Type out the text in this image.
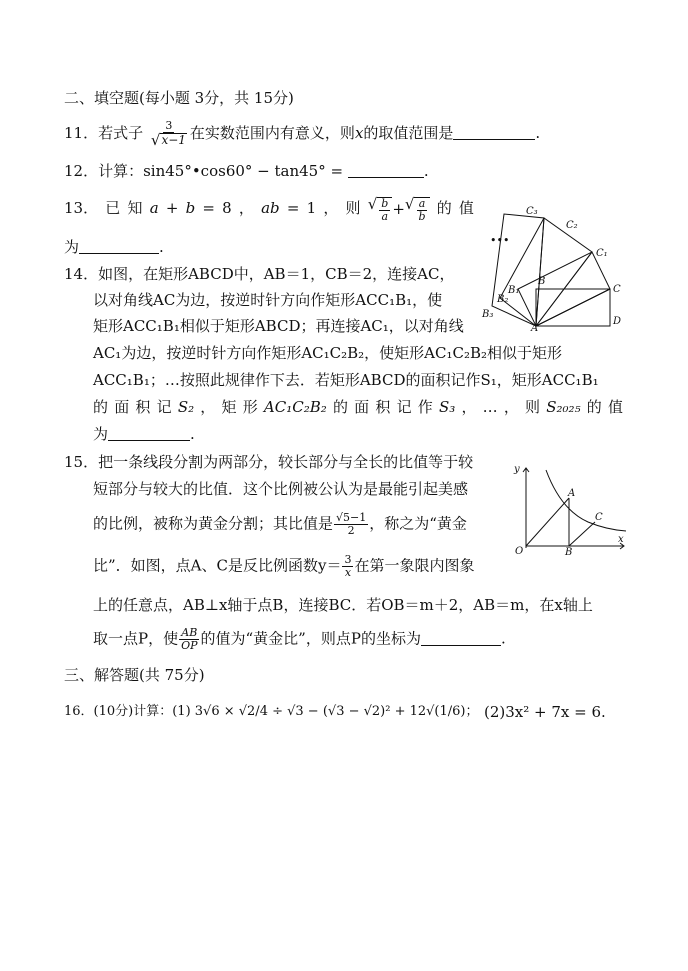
二、填空题(每小题 3分，共 15分)
11．若式子 $\frac{3}{√ x-1}$ 在实数范围内有意义，则x的取值范围是	.
12．计算：sin45°•cos60° − tan45° =	.
13． 已 知 a + b = 8 ， ab = 1 ， 则 √ $\frac{b}{a}$ + √ $\frac{a}{b}$ 的 值
为	.
14．如图，在矩形ABCD中，AB＝1，CB＝2，连接AC，
以对角线AC为边，按逆时针方向作矩形ACC₁B₁，使
矩形ACC₁B₁相似于矩形ABCD；再连接AC₁，以对角线
AC₁为边，按逆时针方向作矩形AC₁C₂B₂，使矩形AC₁C₂B₂相似于矩形
ACC₁B₁；…按照此规律作下去．若矩形ABCD的面积记作S₁，矩形ACC₁B₁
的 面 积 记 S₂ ， 矩 形 AC₁C₂B₂ 的 面 积 记 作 S₃ ， … ， 则 S₂₀₂₅ 的 值
为	.
C₃
C₂
C₁
C
D
A
B
B₁
B₂
B₃
•••
15．把一条线段分割为两部分，较长部分与全长的比值等于较
短部分与较大的比值．这个比例被公认为是最能引起美感
的比例，被称为黄金分割；其比值是 $\frac{√5-1}{2}$ ，称之为“黄金
比”．如图，点A、C是反比例函数$y= \frac{3}{x}$ 在第一象限内图象
上的任意点，AB⊥x轴于点B，连接BC．若OB＝m＋2，AB＝m，在x轴上
取一点P，使 $\frac{AB}{OP}$ 的值为“黄金比”，则点P的坐标为	.
y
x
O
A
B
C
三、解答题(共 75分)
16．(10分)计算：(1) 3√6 × √2/4 ÷ √3 − (√3 − √2)² + 12√(1/6)； (2)3x² + 7x = 6.
